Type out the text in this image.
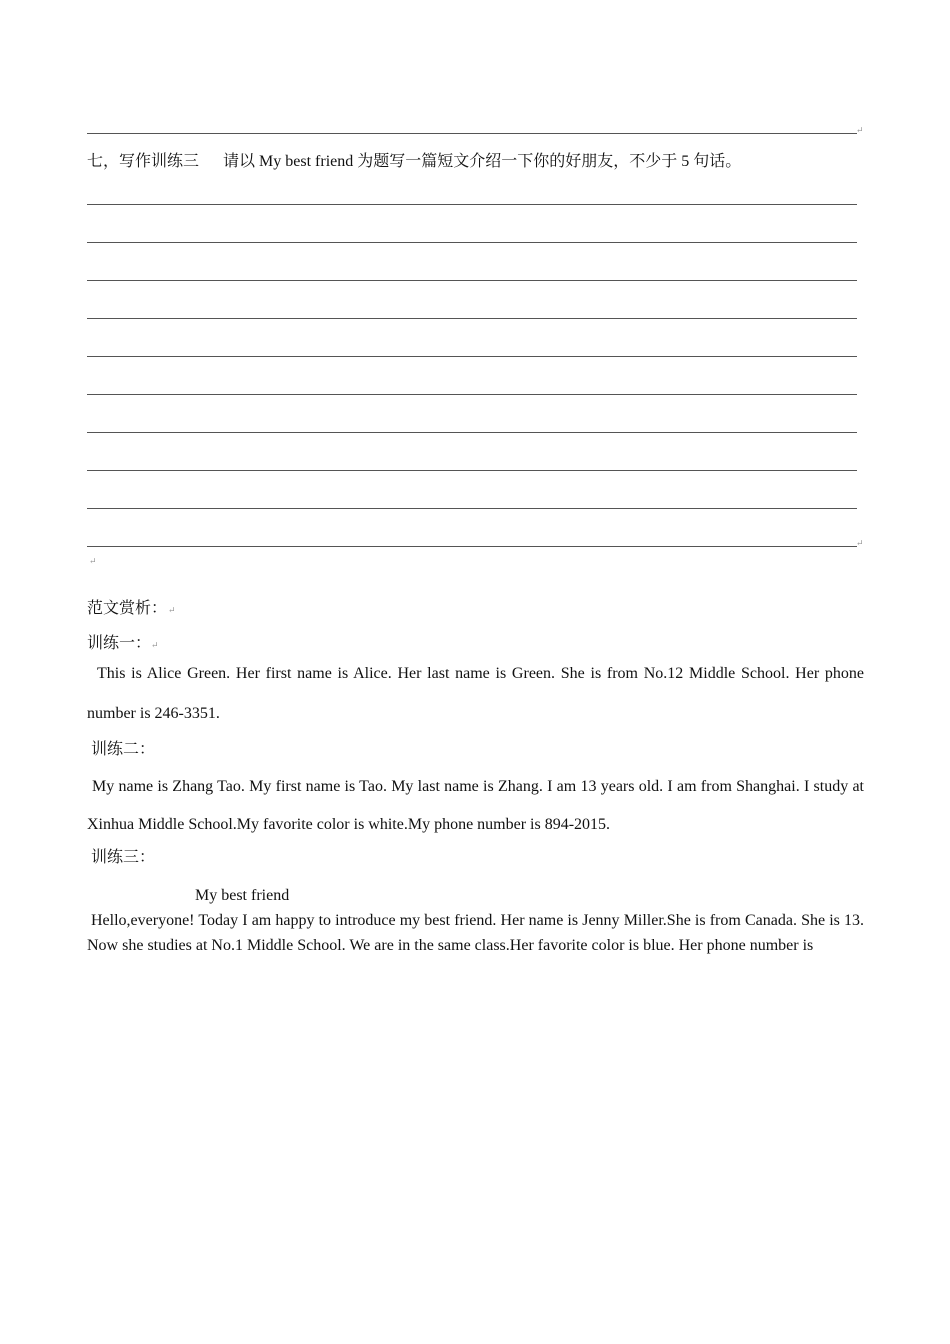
↵
七，写作训练三 请以 My best friend 为题写一篇短文介绍一下你的好朋友，不少于 5 句话。
↵
↵
范文赏析： ↵
训练一： ↵
This is Alice Green. Her first name is Alice. Her last name is Green. She is from No.12 Middle School. Her phone number is 246-3351.
训练二：
My name is Zhang Tao. My first name is Tao. My last name is Zhang. I am 13 years old. I am from Shanghai. I study at Xinhua Middle School.My favorite color is white.My phone number is 894-2015.
训练三：
My best friend
Hello,everyone! Today I am happy to introduce my best friend. Her name is Jenny Miller.She is from Canada. She is 13. Now she studies at No.1 Middle School. We are in the same class.Her favorite color is blue. Her phone number is
